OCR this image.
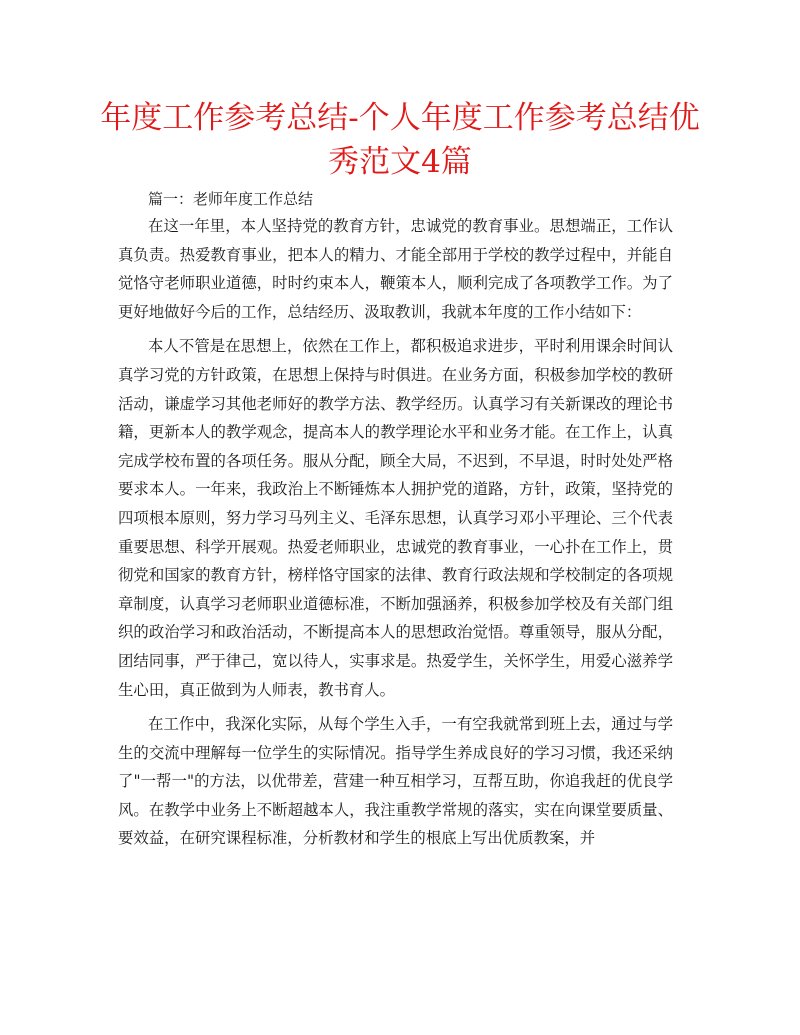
年度工作参考总结-个人年度工作参考总结优秀范文4篇

篇一：老师年度工作总结

在这一年里，本人坚持党的教育方针，忠诚党的教育事业。思想端正，工作认真负责。热爱教育事业，把本人的精力、才能全部用于学校的教学过程中，并能自觉恪守老师职业道德，时时约束本人，鞭策本人，顺利完成了各项教学工作。为了更好地做好今后的工作，总结经历、汲取教训，我就本年度的工作小结如下：

本人不管是在思想上，依然在工作上，都积极追求进步，平时利用课余时间认真学习党的方针政策，在思想上保持与时俱进。在业务方面，积极参加学校的教研活动，谦虚学习其他老师好的教学方法、教学经历。认真学习有关新课改的理论书籍，更新本人的教学观念，提高本人的教学理论水平和业务才能。在工作上，认真完成学校布置的各项任务。服从分配，顾全大局，不迟到，不早退，时时处处严格要求本人。一年来，我政治上不断锤炼本人拥护党的道路，方针，政策，坚持党的四项根本原则，努力学习马列主义、毛泽东思想，认真学习邓小平理论、三个代表重要思想、科学开展观。热爱老师职业，忠诚党的教育事业，一心扑在工作上，贯彻党和国家的教育方针，榜样恪守国家的法律、教育行政法规和学校制定的各项规章制度，认真学习老师职业道德标准，不断加强涵养，积极参加学校及有关部门组织的政治学习和政治活动，不断提高本人的思想政治觉悟。尊重领导，服从分配，团结同事，严于律己，宽以待人，实事求是。热爱学生，关怀学生，用爱心滋养学生心田，真正做到为人师表，教书育人。

在工作中，我深化实际，从每个学生入手，一有空我就常到班上去，通过与学生的交流中理解每一位学生的实际情况。指导学生养成良好的学习习惯，我还采纳了"一帮一"的方法，以优带差，营建一种互相学习，互帮互助，你追我赶的优良学风。在教学中业务上不断超越本人，我注重教学常规的落实，实在向课堂要质量、要效益，在研究课程标准，分析教材和学生的根底上写出优质教案，并
